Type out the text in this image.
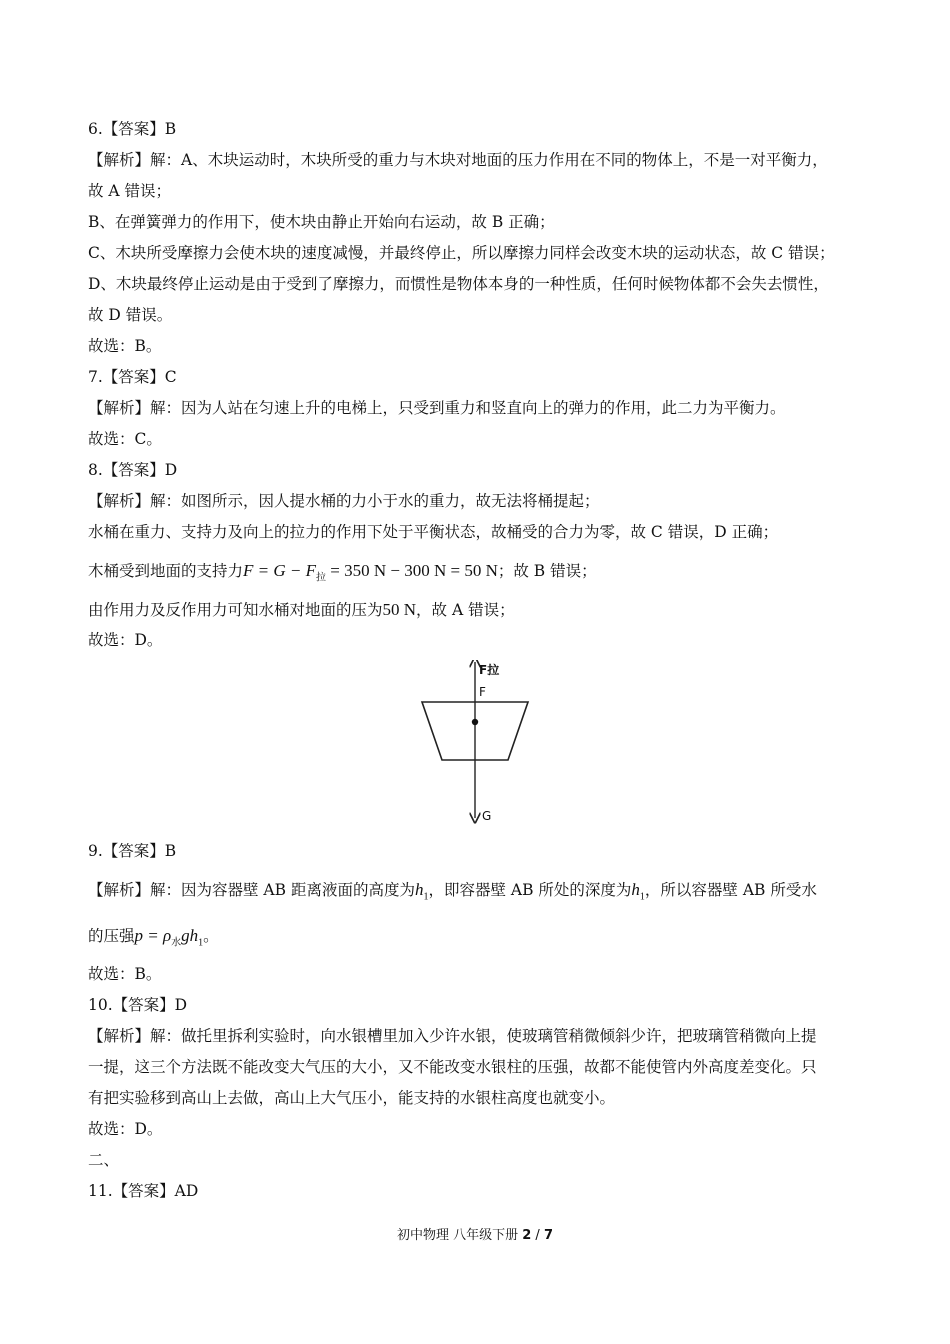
6.【答案】B
【解析】解：A、木块运动时，木块所受的重力与木块对地面的压力作用在不同的物体上，不是一对平衡力，
故 A 错误；
B、在弹簧弹力的作用下，使木块由静止开始向右运动，故 B 正确；
C、木块所受摩擦力会使木块的速度减慢，并最终停止，所以摩擦力同样会改变木块的运动状态，故 C 错误；
D、木块最终停止运动是由于受到了摩擦力，而惯性是物体本身的一种性质，任何时候物体都不会失去惯性，
故 D 错误。
故选：B。
7.【答案】C
【解析】解：因为人站在匀速上升的电梯上，只受到重力和竖直向上的弹力的作用，此二力为平衡力。
故选：C。
8.【答案】D
【解析】解：如图所示，因人提水桶的力小于水的重力，故无法将桶提起；
水桶在重力、支持力及向上的拉力的作用下处于平衡状态，故桶受的合力为零，故 C 错误，D 正确；
木桶受到地面的支持力$F = G - F_拉 = 350$ N − 300 N = 50 N；故 B 错误；
由作用力及反作用力可知水桶对地面的压为50 N，故 A 错误；
故选：D。
F拉
F
G
9.【答案】B
【解析】解：因为容器壁 AB 距离液面的高度为$h_1$，即容器壁 AB 所处的深度为$h_1$，所以容器壁 AB 所受水
的压强$p = \rho_水gh_1$。
故选：B。
10.【答案】D
【解析】解：做托里拆利实验时，向水银槽里加入少许水银，使玻璃管稍微倾斜少许，把玻璃管稍微向上提
一提，这三个方法既不能改变大气压的大小，又不能改变水银柱的压强，故都不能使管内外高度差变化。只
有把实验移到高山上去做，高山上大气压小，能支持的水银柱高度也就变小。
故选：D。
二、
11.【答案】AD
初中物理 八年级下册 2 / 7
